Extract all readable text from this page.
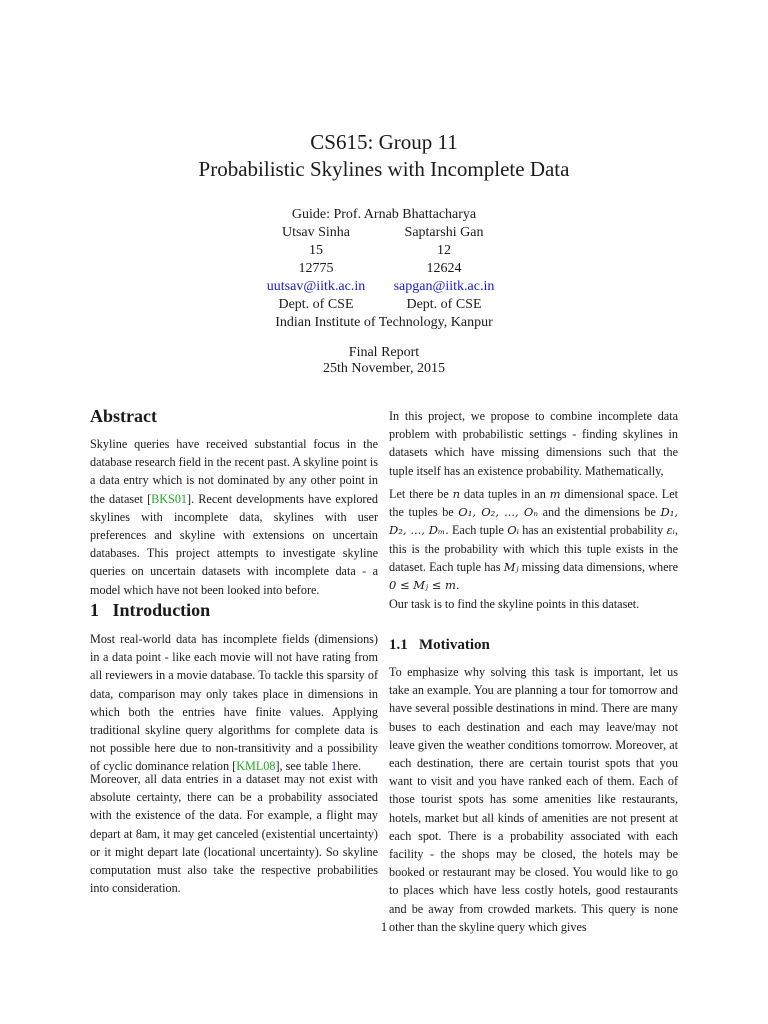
CS615: Group 11
Probabilistic Skylines with Incomplete Data
Guide: Prof. Arnab Bhattacharya
Utsav Sinha
15
12775
uutsav@iitk.ac.in
Dept. of CSE
Saptarshi Gan
12
12624
sapgan@iitk.ac.in
Dept. of CSE
Indian Institute of Technology, Kanpur
Final Report
25th November, 2015
Abstract
Skyline queries have received substantial focus in the database research field in the recent past. A skyline point is a data entry which is not dominated by any other point in the dataset [BKS01]. Recent developments have explored skylines with incomplete data, skylines with user preferences and skyline with extensions on uncertain databases. This project attempts to investigate skyline queries on uncertain datasets with incomplete data - a model which have not been looked into before.
1 Introduction
Most real-world data has incomplete fields (dimensions) in a data point - like each movie will not have rating from all reviewers in a movie database. To tackle this sparsity of data, comparison may only takes place in dimensions in which both the entries have finite values. Applying traditional skyline query algorithms for complete data is not possible here due to non-transitivity and a possibility of cyclic dominance relation [KML08], see table 1here.
Moreover, all data entries in a dataset may not exist with absolute certainty, there can be a probability associated with the existence of the data. For example, a flight may depart at 8am, it may get canceled (existential uncertainty) or it might depart late (locational uncertainty). So skyline computation must also take the respective probabilities into consideration.
In this project, we propose to combine incomplete data problem with probabilistic settings - finding skylines in datasets which have missing dimensions such that the tuple itself has an existence probability. Mathematically,
Let there be n data tuples in an m dimensional space. Let the tuples be O₁, O₂, ..., Oₙ and the dimensions be D₁, D₂, ..., Dₘ. Each tuple Oᵢ has an existential probability εᵢ, this is the probability with which this tuple exists in the dataset. Each tuple has Mⱼ missing data dimensions, where 0 ≤ Mⱼ ≤ m.
Our task is to find the skyline points in this dataset.
1.1 Motivation
To emphasize why solving this task is important, let us take an example. You are planning a tour for tomorrow and have several possible destinations in mind. There are many buses to each destination and each may leave/may not leave given the weather conditions tomorrow. Moreover, at each destination, there are certain tourist spots that you want to visit and you have ranked each of them. Each of those tourist spots has some amenities like restaurants, hotels, market but all kinds of amenities are not present at each spot. There is a probability associated with each facility - the shops may be closed, the hotels may be booked or restaurant may be closed. You would like to go to places which have less costly hotels, good restaurants and be away from crowded markets. This query is none other than the skyline query which gives
1
